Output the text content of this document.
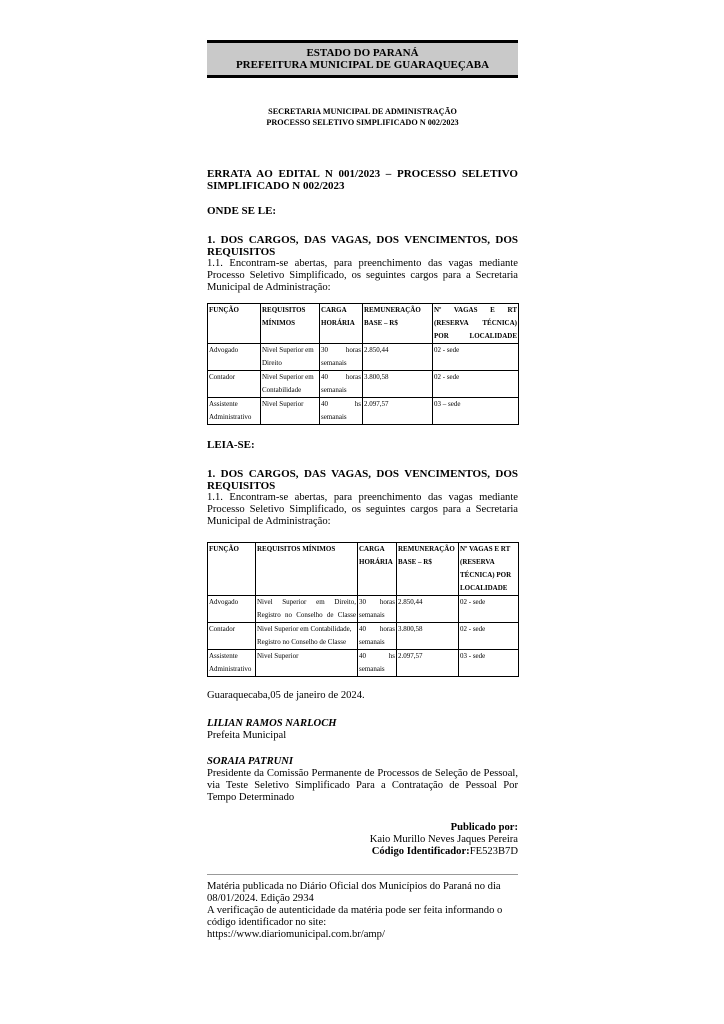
ESTADO DO PARANÁ
PREFEITURA MUNICIPAL DE GUARAQUEÇABA
SECRETARIA MUNICIPAL DE ADMINISTRAÇÃO
PROCESSO SELETIVO SIMPLIFICADO N 002/2023
ERRATA AO EDITAL N 001/2023 – PROCESSO SELETIVO SIMPLIFICADO N 002/2023
ONDE SE LE:
1. DOS CARGOS, DAS VAGAS, DOS VENCIMENTOS, DOS REQUISITOS

1.1. Encontram-se abertas, para preenchimento das vagas mediante Processo Seletivo Simplificado, os seguintes cargos para a Secretaria Municipal de Administração:

FUNÇÃO	REQUISITOS MÍNIMOS	CARGA HORÁRIA	REMUNERAÇÃO BASE – R$	Nº VAGAS E RT (RESERVA TÉCNICA) POR LOCALIDADE
Advogado	Nivel Superior em Direito	30 horas semanais	2.850,44	02 - sede
Contador	Nivel Superior em Contabilidade	40 horas semanais	3.800,58	02 - sede
Assistente Administrativo	Nivel Superior	40 hs semanais	2.097,57	03 – sede
LEIA-SE:
1. DOS CARGOS, DAS VAGAS, DOS VENCIMENTOS, DOS REQUISITOS

1.1. Encontram-se abertas, para preenchimento das vagas mediante Processo Seletivo Simplificado, os seguintes cargos para a Secretaria Municipal de Administração:

FUNÇÃO	REQUISITOS MÍNIMOS	CARGA HORÁRIA	REMUNERAÇÃO BASE – R$	Nº VAGAS E RT (RESERVA TÉCNICA) POR LOCALIDADE
Advogado	Nivel Superior em Direito, Registro no Conselho de Classe	30 horas semanais	2.850,44	02 - sede
Contador	Nivel Superior em Contabilidade, Registro no Conselho de Classe	40 horas semanais	3.800,58	02 - sede
Assistente Administrativo	Nivel Superior	40 hs semanais	2.097,57	03 - sede

Guaraquecaba,05 de janeiro de 2024.

LILIAN RAMOS NARLOCH
Prefeita Municipal
SORAIA PATRUNI
Presidente da Comissão Permanente de Processos de Seleção de Pessoal, via Teste Seletivo Simplificado Para a Contratação de Pessoal Por Tempo Determinado
Publicado por:
Kaio Murillo Neves Jaques Pereira
Código Identificador:FE523B7D
Matéria publicada no Diário Oficial dos Municípios do Paraná no dia 08/01/2024. Edição 2934
A verificação de autenticidade da matéria pode ser feita informando o código identificador no site:
https://www.diariomunicipal.com.br/amp/
